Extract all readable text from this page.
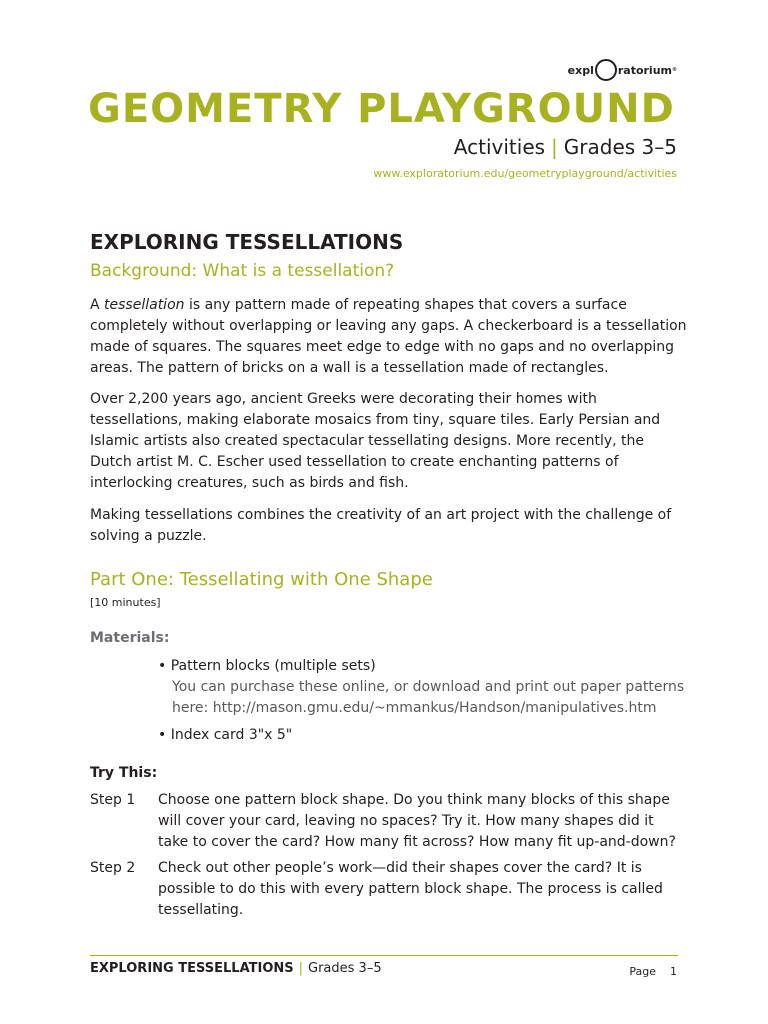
expl ratorium ®
GEOMETRY PLAYGROUND
Activities | Grades 3–5
www.exploratorium.edu/geometryplayground/activities
EXPLORING TESSELLATIONS
Background: What is a tessellation?

A tessellation is any pattern made of repeating shapes that covers a surface completely without overlapping or leaving any gaps. A checkerboard is a tessellation made of squares. The squares meet edge to edge with no gaps and no overlapping areas. The pattern of bricks on a wall is a tessellation made of rectangles.

Over 2,200 years ago, ancient Greeks were decorating their homes with tessellations, making elaborate mosaics from tiny, square tiles. Early Persian and Islamic artists also created spectacular tessellating designs. More recently, the Dutch artist M. C. Escher used tessellation to create enchanting patterns of interlocking creatures, such as birds and fish.

Making tessellations combines the creativity of an art project with the challenge of solving a puzzle.

Part One: Tessellating with One Shape
[10 minutes]
Materials:
• Pattern blocks (multiple sets)
You can purchase these online, or download and print out paper patterns here: http://mason.gmu.edu/~mmankus/Handson/manipulatives.htm
• Index card 3"x 5"
Try This:
Step 1 Choose one pattern block shape. Do you think many blocks of this shape will cover your card, leaving no spaces? Try it. How many shapes did it take to cover the card? How many fit across? How many fit up-and-down?
Step 2 Check out other people’s work—did their shapes cover the card? It is possible to do this with every pattern block shape. The process is called tessellating.
EXPLORING TESSELLATIONS | Grades 3–5	Page 1
